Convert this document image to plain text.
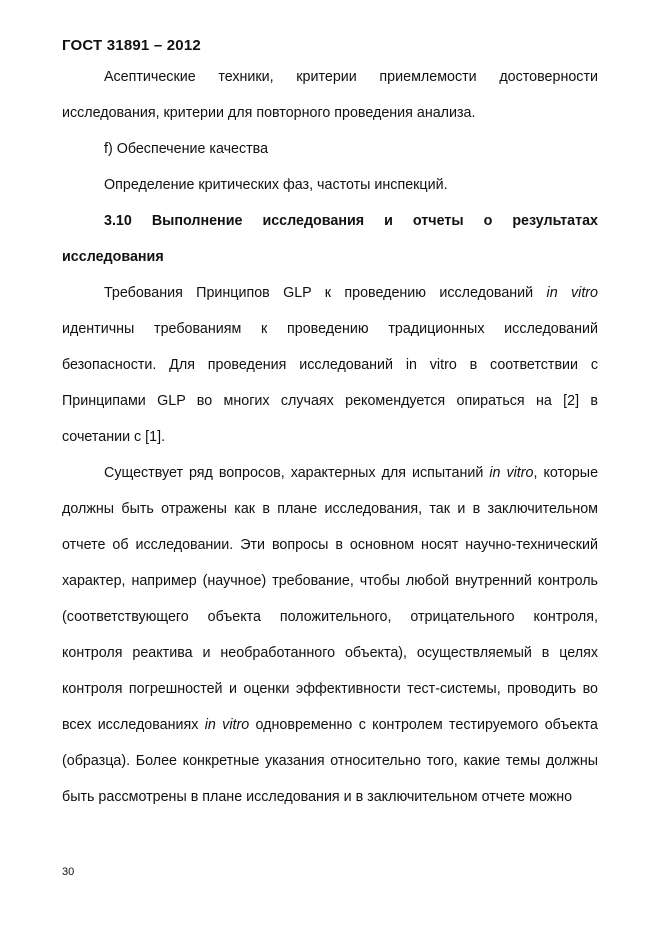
ГОСТ 31891 – 2012

Асептические техники, критерии приемлемости достоверности исследования, критерии для повторного проведения анализа.

f) Обеспечение качества

Определение критических фаз, частоты инспекций.

3.10 Выполнение исследования и отчеты о результатах исследования

Требования Принципов GLP к проведению исследований in vitro идентичны требованиям к проведению традиционных исследований безопасности. Для проведения исследований in vitro в соответствии с Принципами GLP во многих случаях рекомендуется опираться на [2] в сочетании с [1].

Существует ряд вопросов, характерных для испытаний in vitro, которые должны быть отражены как в плане исследования, так и в заключительном отчете об исследовании. Эти вопросы в основном носят научно-технический характер, например (научное) требование, чтобы любой внутренний контроль (соответствующего объекта положительного, отрицательного контроля, контроля реактива и необработанного объекта), осуществляемый в целях контроля погрешностей и оценки эффективности тест-системы, проводить во всех исследованиях in vitro одновременно с контролем тестируемого объекта (образца). Более конкретные указания относительно того, какие темы должны быть рассмотрены в плане исследования и в заключительном отчете можно

30
